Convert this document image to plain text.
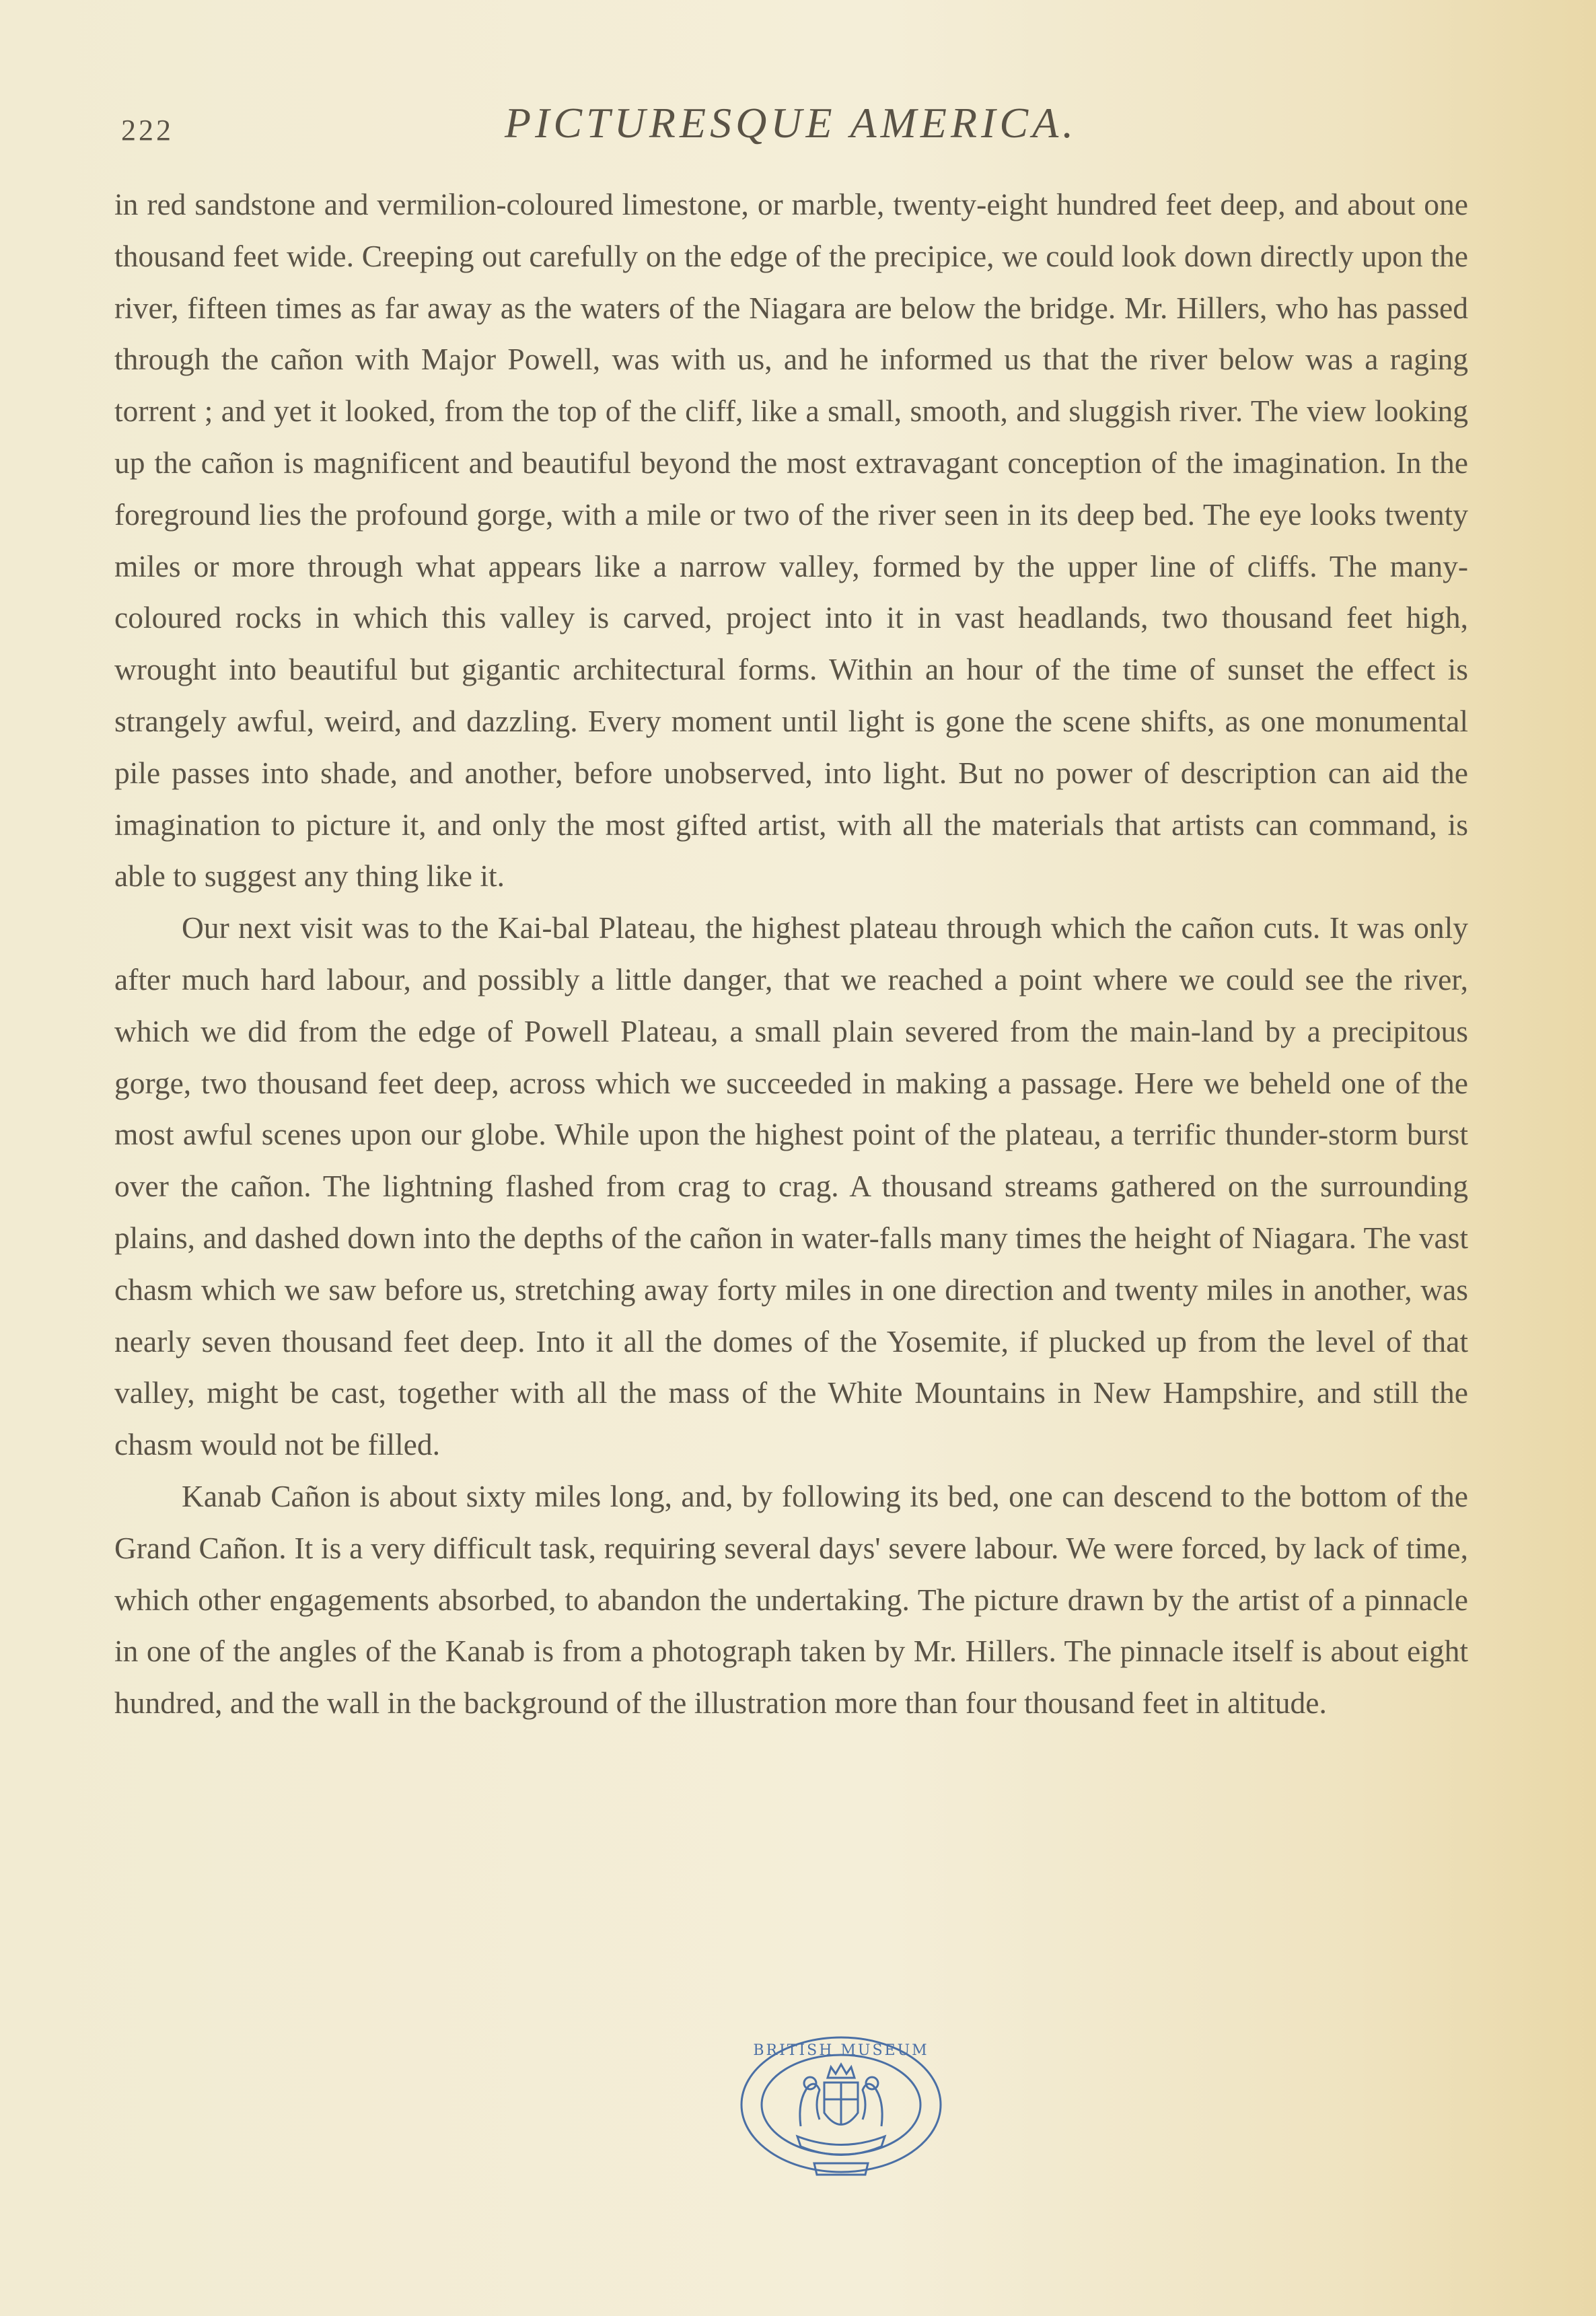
222	PICTURESQUE AMERICA.

in red sandstone and vermilion-coloured limestone, or marble, twenty-eight hundred feet deep, and about one thousand feet wide. Creeping out carefully on the edge of the precipice, we could look down directly upon the river, fifteen times as far away as the waters of the Niagara are below the bridge. Mr. Hillers, who has passed through the cañon with Major Powell, was with us, and he informed us that the river below was a raging torrent ; and yet it looked, from the top of the cliff, like a small, smooth, and sluggish river. The view looking up the cañon is magnificent and beautiful beyond the most extravagant conception of the imagination. In the foreground lies the profound gorge, with a mile or two of the river seen in its deep bed. The eye looks twenty miles or more through what appears like a narrow valley, formed by the upper line of cliffs. The many-coloured rocks in which this valley is carved, project into it in vast headlands, two thousand feet high, wrought into beautiful but gigantic architectural forms. Within an hour of the time of sunset the effect is strangely awful, weird, and dazzling. Every moment until light is gone the scene shifts, as one monumental pile passes into shade, and another, before unobserved, into light. But no power of description can aid the imagination to picture it, and only the most gifted artist, with all the materials that artists can command, is able to suggest any thing like it.

Our next visit was to the Kai-bal Plateau, the highest plateau through which the cañon cuts. It was only after much hard labour, and possibly a little danger, that we reached a point where we could see the river, which we did from the edge of Powell Plateau, a small plain severed from the main-land by a precipitous gorge, two thousand feet deep, across which we succeeded in making a passage. Here we beheld one of the most awful scenes upon our globe. While upon the highest point of the plateau, a terrific thunder-storm burst over the cañon. The lightning flashed from crag to crag. A thousand streams gathered on the surrounding plains, and dashed down into the depths of the cañon in water-falls many times the height of Niagara. The vast chasm which we saw before us, stretching away forty miles in one direction and twenty miles in another, was nearly seven thousand feet deep. Into it all the domes of the Yosemite, if plucked up from the level of that valley, might be cast, together with all the mass of the White Mountains in New Hampshire, and still the chasm would not be filled.

Kanab Cañon is about sixty miles long, and, by following its bed, one can descend to the bottom of the Grand Cañon. It is a very difficult task, requiring several days' severe labour. We were forced, by lack of time, which other engagements absorbed, to abandon the undertaking. The picture drawn by the artist of a pinnacle in one of the angles of the Kanab is from a photograph taken by Mr. Hillers. The pinnacle itself is about eight hundred, and the wall in the background of the illustration more than four thousand feet in altitude.

BRITISH MUSEUM
